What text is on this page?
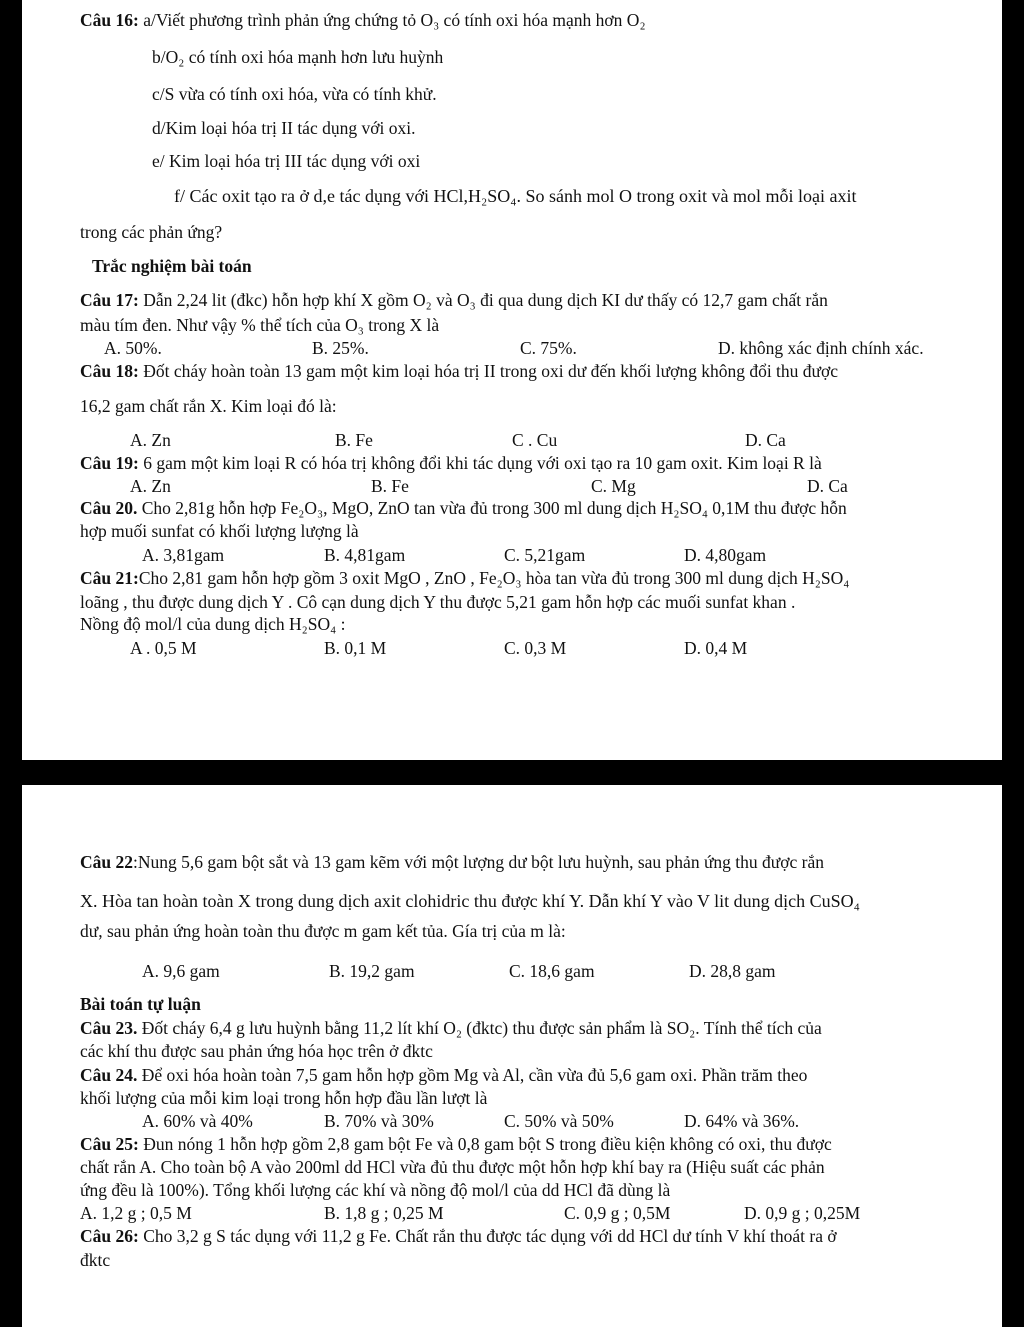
Câu 16: a/Viết phương trình phản ứng chứng tỏ O₃ có tính oxi hóa mạnh hơn O₂
b/O₂ có tính oxi hóa mạnh hơn lưu huỳnh
c/S vừa có tính oxi hóa, vừa có tính khử.
d/Kim loại hóa trị II tác dụng với oxi.
e/ Kim loại hóa trị III tác dụng với oxi
f/ Các oxit tạo ra ở d,e tác dụng với HCl,H₂SO₄. So sánh mol O trong oxit và mol mỗi loại axit
trong các phản ứng?
Trắc nghiệm bài toán
Câu 17: Dẫn 2,24 lit (đkc) hỗn hợp khí X gồm O₂ và O₃ đi qua dung dịch KI dư thấy có 12,7 gam chất rắn
màu tím đen. Như vậy % thể tích của O₃ trong X là
A. 50%.	B. 25%.	C. 75%.	D. không xác định chính xác.
Câu 18: Đốt cháy hoàn toàn 13 gam một kim loại hóa trị II trong oxi dư đến khối lượng không đổi thu được
16,2 gam chất rắn X. Kim loại đó là:
A. Zn	B. Fe	C . Cu	D. Ca
Câu 19: 6 gam một kim loại R có hóa trị không đổi khi tác dụng với oxi tạo ra 10 gam oxit. Kim loại R là
A. Zn	B. Fe	C. Mg	D. Ca
Câu 20. Cho 2,81g hỗn hợp Fe₂O₃, MgO, ZnO tan vừa đủ trong 300 ml dung dịch H₂SO₄ 0,1M thu được hỗn
hợp muối sunfat có khối lượng lượng là
A. 3,81gam	B. 4,81gam	C. 5,21gam	D. 4,80gam
Câu 21:Cho 2,81 gam hỗn hợp gồm 3 oxit MgO , ZnO , Fe₂O₃ hòa tan vừa đủ trong 300 ml dung dịch H₂SO₄
loãng , thu được dung dịch Y . Cô cạn dung dịch Y thu được 5,21 gam hỗn hợp các muối sunfat khan .
Nồng độ mol/l của dung dịch H₂SO₄ :
A . 0,5 M	B. 0,1 M	C. 0,3 M	D. 0,4 M
Câu 22:Nung 5,6 gam bột sắt và 13 gam kẽm với một lượng dư bột lưu huỳnh, sau phản ứng thu được rắn
X. Hòa tan hoàn toàn X trong dung dịch axit clohidric thu được khí Y. Dẫn khí Y vào V lit dung dịch CuSO₄
dư, sau phản ứng hoàn toàn thu được m gam kết tủa. Gía trị của m là:
A. 9,6 gam	B. 19,2 gam	C. 18,6 gam	D. 28,8 gam
Bài toán tự luận
Câu 23. Đốt cháy 6,4 g lưu huỳnh bằng 11,2 lít khí O₂ (đktc) thu được sản phẩm là SO₂. Tính thể tích của
các khí thu được sau phản ứng hóa học trên ở đktc
Câu 24. Để oxi hóa hoàn toàn 7,5 gam hỗn hợp gồm Mg và Al, cần vừa đủ 5,6 gam oxi. Phần trăm theo
khối lượng của mỗi kim loại trong hỗn hợp đầu lần lượt là
A. 60% và 40%	B. 70% và 30%	C. 50% và 50%	D. 64% và 36%.
Câu 25: Đun nóng 1 hỗn hợp gồm 2,8 gam bột Fe và 0,8 gam bột S trong điều kiện không có oxi, thu được
chất rắn A. Cho toàn bộ A vào 200ml dd HCl vừa đủ thu được một hỗn hợp khí bay ra (Hiệu suất các phản
ứng đều là 100%). Tổng khối lượng các khí và nồng độ mol/l của dd HCl đã dùng là
A. 1,2 g ; 0,5 M	B. 1,8 g ; 0,25 M	C. 0,9 g ; 0,5M	D. 0,9 g ; 0,25M
Câu 26: Cho 3,2 g S tác dụng với 11,2 g Fe. Chất rắn thu được tác dụng với dd HCl dư tính V khí thoát ra ở
đktc
